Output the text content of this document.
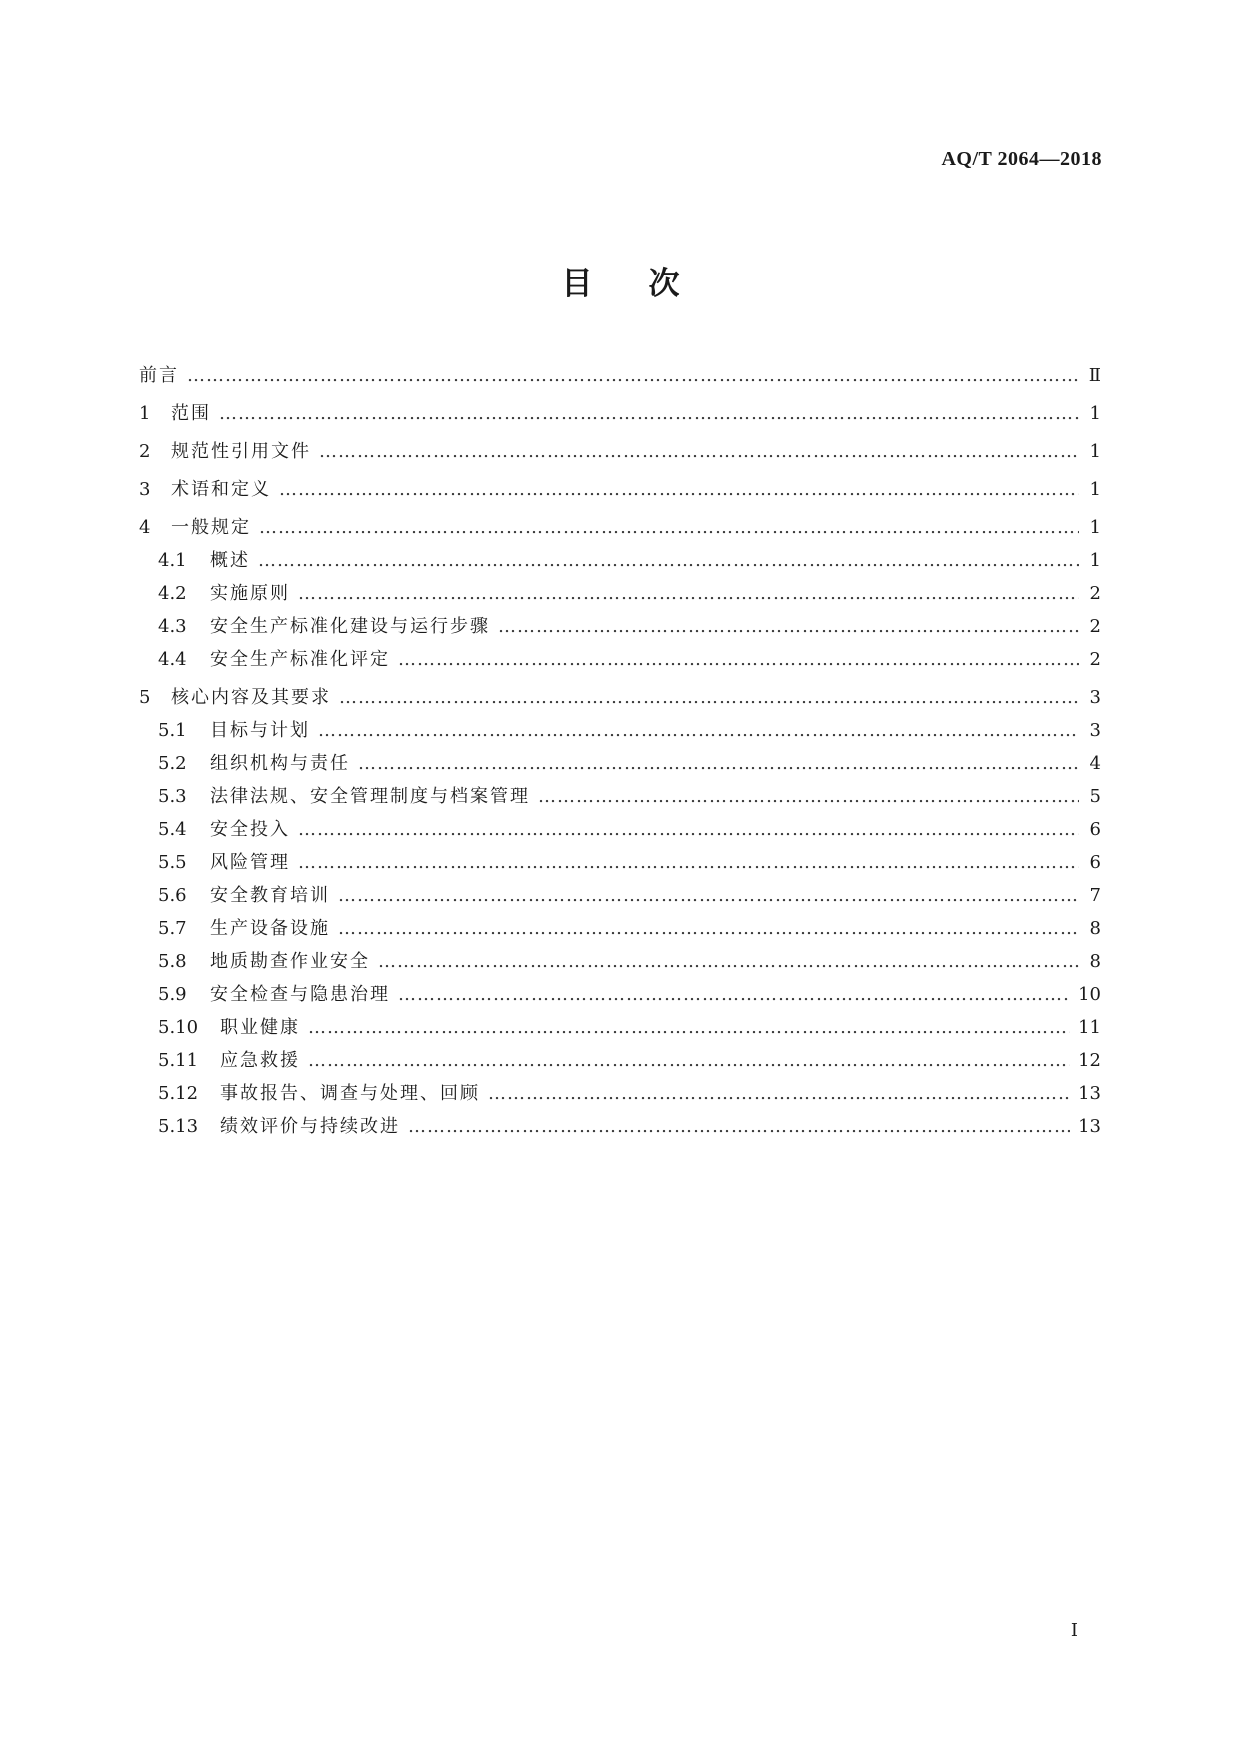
AQ/T 2064—2018
目次
前言 ……………………………………………………………………………………………………………………………………………………………………………………………………	Ⅱ
1	范围 ……………………………………………………………………………………………………………………………………………………………………………………………………	1
2	规范性引用文件 ……………………………………………………………………………………………………………………………………………………………………………………………………	1
3	术语和定义 ……………………………………………………………………………………………………………………………………………………………………………………………………	1
4	一般规定 ……………………………………………………………………………………………………………………………………………………………………………………………………	1
4.1	概述 ……………………………………………………………………………………………………………………………………………………………………………………………………	1
4.2	实施原则 ……………………………………………………………………………………………………………………………………………………………………………………………………	2
4.3	安全生产标准化建设与运行步骤 ……………………………………………………………………………………………………………………………………………………………………………………………………	2
4.4	安全生产标准化评定 ……………………………………………………………………………………………………………………………………………………………………………………………………	2
5	核心内容及其要求 ……………………………………………………………………………………………………………………………………………………………………………………………………	3
5.1	目标与计划 ……………………………………………………………………………………………………………………………………………………………………………………………………	3
5.2	组织机构与责任 ……………………………………………………………………………………………………………………………………………………………………………………………………	4
5.3	法律法规、安全管理制度与档案管理 ……………………………………………………………………………………………………………………………………………………………………………………………………	5
5.4	安全投入 ……………………………………………………………………………………………………………………………………………………………………………………………………	6
5.5	风险管理 ……………………………………………………………………………………………………………………………………………………………………………………………………	6
5.6	安全教育培训 ……………………………………………………………………………………………………………………………………………………………………………………………………	7
5.7	生产设备设施 ……………………………………………………………………………………………………………………………………………………………………………………………………	8
5.8	地质勘查作业安全 ……………………………………………………………………………………………………………………………………………………………………………………………………	8
5.9	安全检查与隐患治理 ……………………………………………………………………………………………………………………………………………………………………………………………………	10
5.10	职业健康 ……………………………………………………………………………………………………………………………………………………………………………………………………	11
5.11	应急救援 ……………………………………………………………………………………………………………………………………………………………………………………………………	12
5.12	事故报告、调查与处理、回顾 ……………………………………………………………………………………………………………………………………………………………………………………………………	13
5.13	绩效评价与持续改进 ……………………………………………………………………………………………………………………………………………………………………………………………………	13
I
